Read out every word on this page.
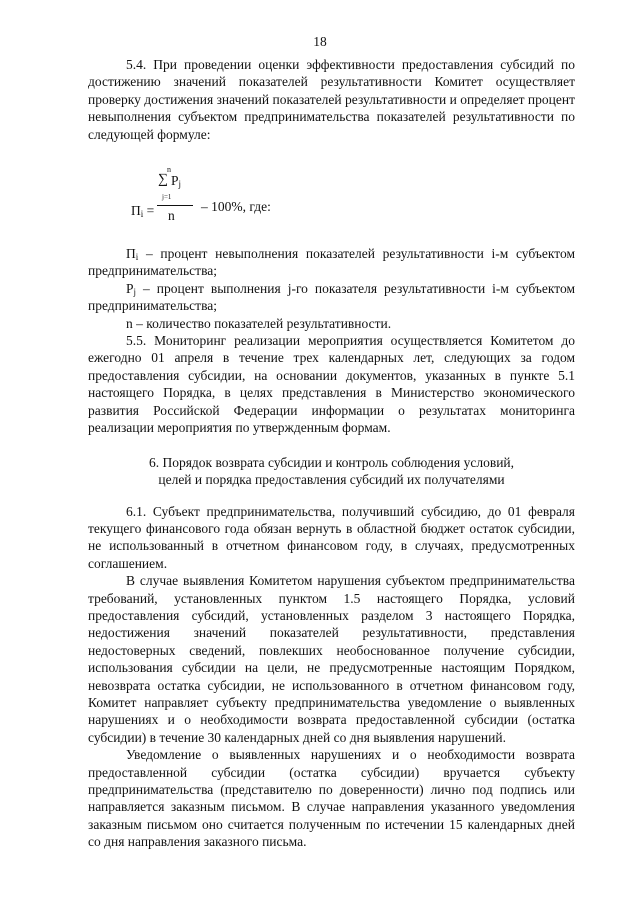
18

5.4. При проведении оценки эффективности предоставления субсидий по достижению значений показателей результативности Комитет осуществляет проверку достижения значений показателей результативности и определяет процент невыполнения субъектом предпринимательства показателей результативности по следующей формуле:

$П_i$ =
n
∑ $P_j$
j=1
n
– 100%, где:

$П_i$ – процент невыполнения показателей результативности i-м субъектом предпринимательства;

$P_j$ – процент выполнения j-го показателя результативности i-м субъектом предпринимательства;

n – количество показателей результативности.

5.5. Мониторинг реализации мероприятия осуществляется Комитетом до ежегодно 01 апреля в течение трех календарных лет, следующих за годом предоставления субсидии, на основании документов, указанных в пункте 5.1 настоящего Порядка, в целях представления в Министерство экономического развития Российской Федерации информации о результатах мониторинга реализации мероприятия по утвержденным формам.

6. Порядок возврата субсидии и контроль соблюдения условий,
целей и порядка предоставления субсидий их получателями

6.1. Субъект предпринимательства, получивший субсидию, до 01 февраля текущего финансового года обязан вернуть в областной бюджет остаток субсидии, не использованный в отчетном финансовом году, в случаях, предусмотренных соглашением.

В случае выявления Комитетом нарушения субъектом предпринимательства требований, установленных пунктом 1.5 настоящего Порядка, условий предоставления субсидий, установленных разделом 3 настоящего Порядка, недостижения значений показателей результативности, представления недостоверных сведений, повлекших необоснованное получение субсидии, использования субсидии на цели, не предусмотренные настоящим Порядком, невозврата остатка субсидии, не использованного в отчетном финансовом году, Комитет направляет субъекту предпринимательства уведомление о выявленных нарушениях и о необходимости возврата предоставленной субсидии (остатка субсидии) в течение 30 календарных дней со дня выявления нарушений.

Уведомление о выявленных нарушениях и о необходимости возврата предоставленной субсидии (остатка субсидии) вручается субъекту предпринимательства (представителю по доверенности) лично под подпись или направляется заказным письмом. В случае направления указанного уведомления заказным письмом оно считается полученным по истечении 15 календарных дней со дня направления заказного письма.
